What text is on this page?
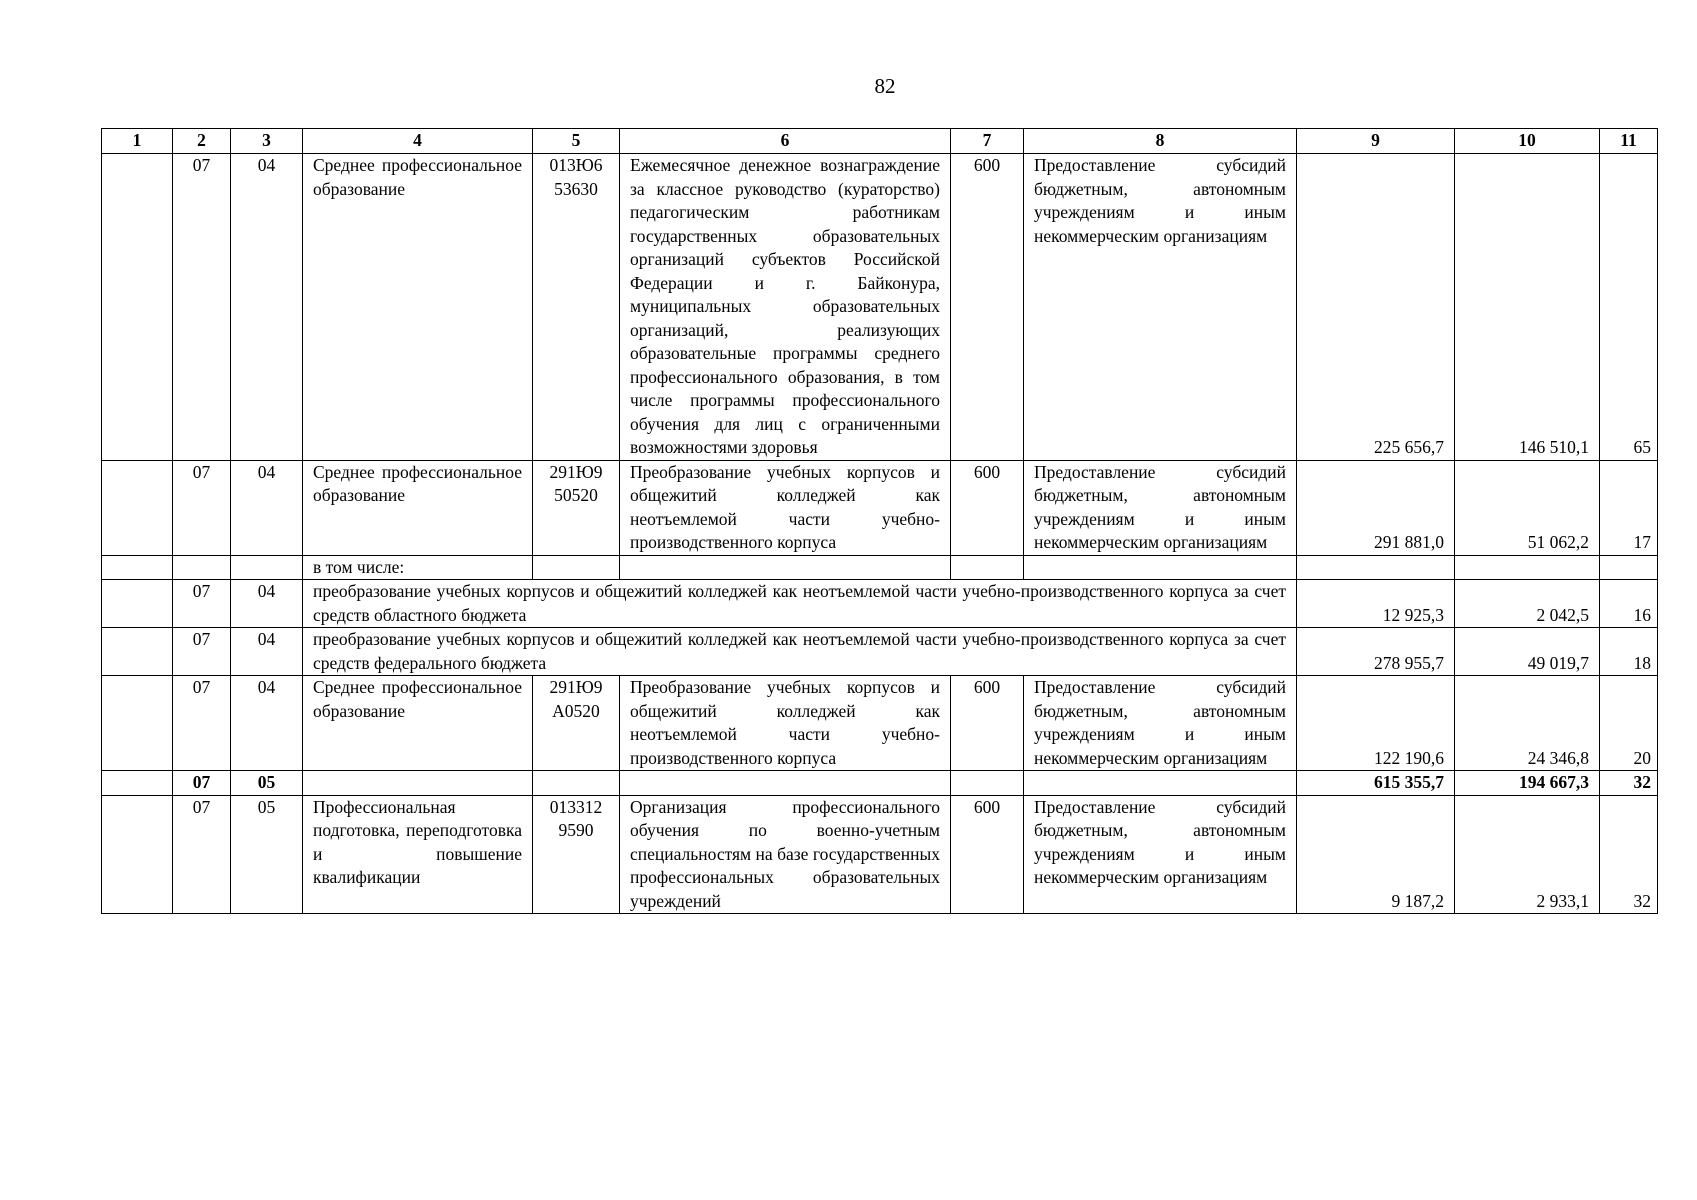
82
1	2	3	4	5	6	7	8	9	10	11
	07	04	Среднее профессиональное образование	013Ю6 53630	Ежемесячное денежное вознаграждение за классное руководство (кураторство) педагогическим работникам государственных образовательных организаций субъектов Российской Федерации и г. Байконура, муниципальных образовательных организаций, реализующих образовательные программы среднего профессионального образования, в том числе программы профессионального обучения для лиц с ограниченными возможностями здоровья	600	Предоставление субсидий бюджетным, автономным учреждениям и иным некоммерческим организациям	225 656,7	146 510,1	65
	07	04	Среднее профессиональное образование	291Ю9 50520	Преобразование учебных корпусов и общежитий колледжей как неотъемлемой части учебно-производственного корпуса	600	Предоставление субсидий бюджетным, автономным учреждениям и иным некоммерческим организациям	291 881,0	51 062,2	17
			в том числе:							
	07	04	преобразование учебных корпусов и общежитий колледжей как неотъемлемой части учебно-производственного корпуса за счет средств областного бюджета					12 925,3	2 042,5	16
	07	04	преобразование учебных корпусов и общежитий колледжей как неотъемлемой части учебно-производственного корпуса за счет средств федерального бюджета					278 955,7	49 019,7	18
	07	04	Среднее профессиональное образование	291Ю9 А0520	Преобразование учебных корпусов и общежитий колледжей как неотъемлемой части учебно-производственного корпуса	600	Предоставление субсидий бюджетным, автономным учреждениям и иным некоммерческим организациям	122 190,6	24 346,8	20
	07	05						615 355,7	194 667,3	32
	07	05	Профессиональная подготовка, переподготовка и повышение квалификации	013312 9590	Организация профессионального обучения по военно-учетным специальностям на базе государственных профессиональных образовательных учреждений	600	Предоставление субсидий бюджетным, автономным учреждениям и иным некоммерческим организациям	9 187,2	2 933,1	32
